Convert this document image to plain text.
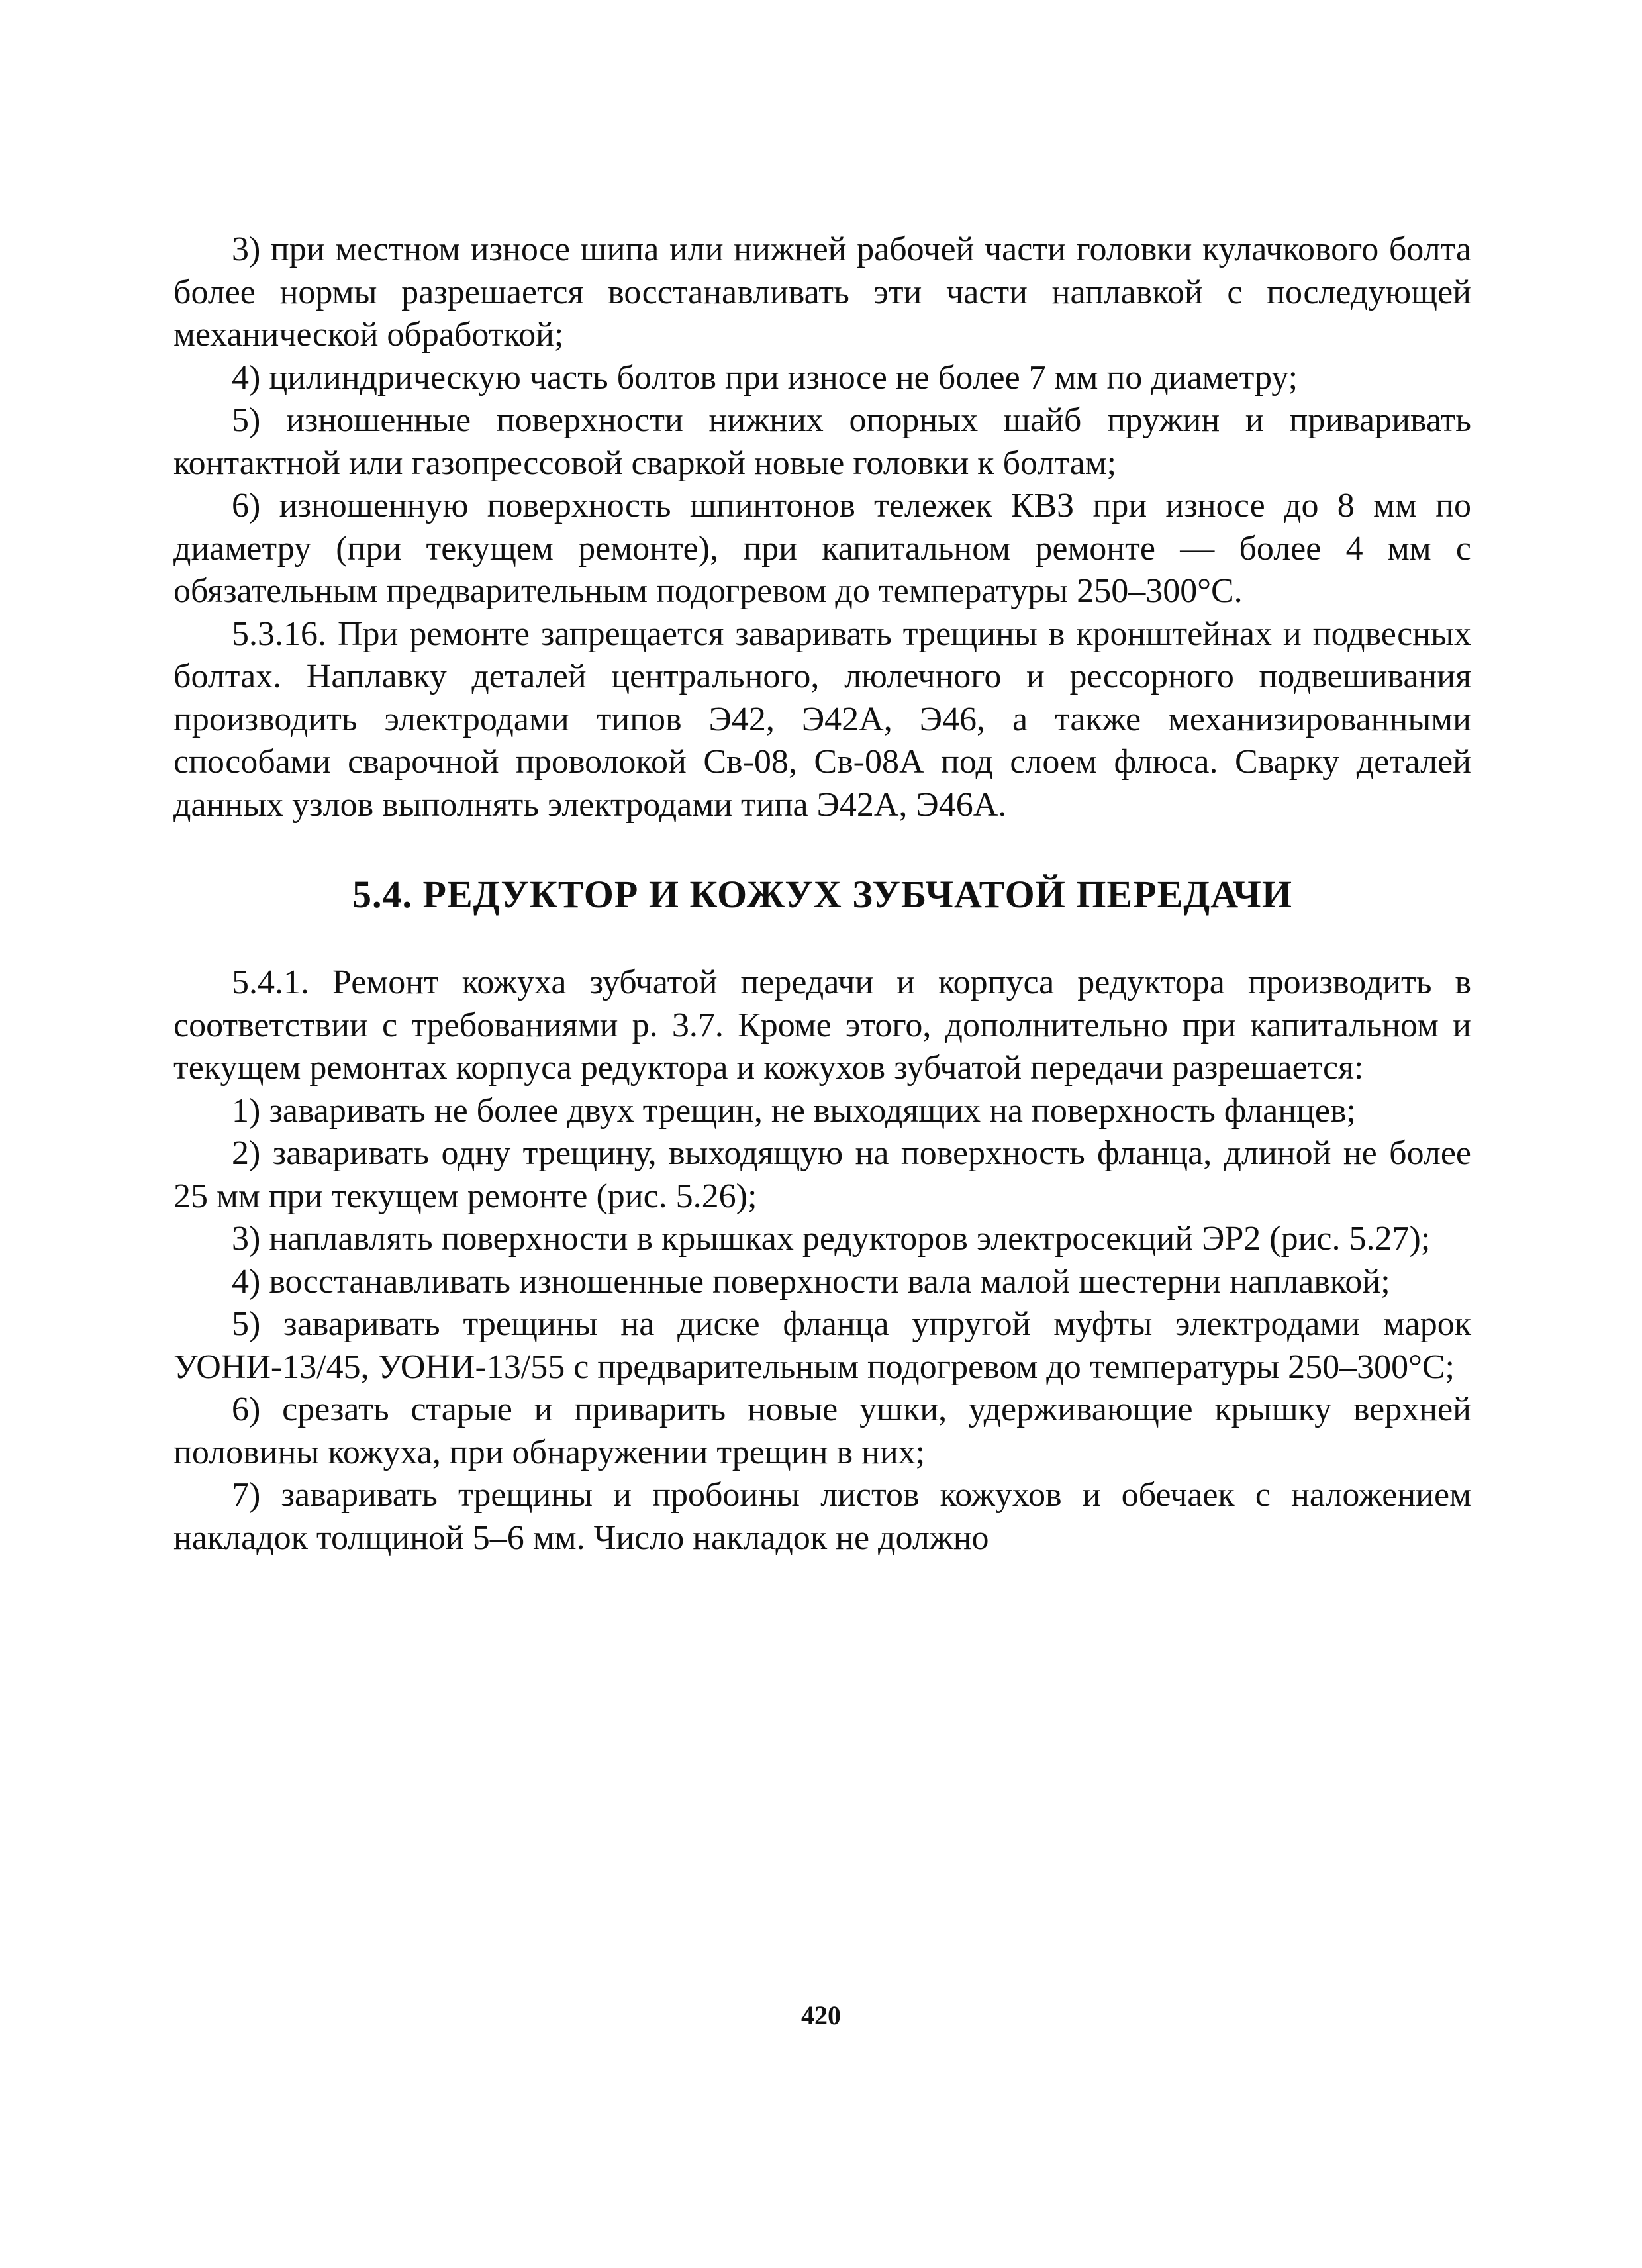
3) при местном износе шипа или нижней рабочей части головки кулачкового болта более нормы разрешается восстанавливать эти части наплавкой с последующей механической обработкой;

4) цилиндрическую часть болтов при износе не более 7 мм по диаметру;

5) изношенные поверхности нижних опорных шайб пружин и приваривать контактной или газопрессовой сваркой новые головки к болтам;

6) изношенную поверхность шпинтонов тележек КВЗ при износе до 8 мм по диаметру (при текущем ремонте), при капитальном ремонте — более 4 мм с обязательным предварительным подогревом до температуры 250–300°С.

5.3.16. При ремонте запрещается заваривать трещины в кронштейнах и подвесных болтах. Наплавку деталей центрального, люлечного и рессорного подвешивания производить электродами типов Э42, Э42А, Э46, а также механизированными способами сварочной проволокой Св-08, Св-08А под слоем флюса. Сварку деталей данных узлов выполнять электродами типа Э42А, Э46А.

5.4. РЕДУКТОР И КОЖУХ ЗУБЧАТОЙ ПЕРЕДАЧИ

5.4.1. Ремонт кожуха зубчатой передачи и корпуса редуктора производить в соответствии с требованиями р. 3.7. Кроме этого, дополнительно при капитальном и текущем ремонтах корпуса редуктора и кожухов зубчатой передачи разрешается:

1) заваривать не более двух трещин, не выходящих на поверхность фланцев;

2) заваривать одну трещину, выходящую на поверхность фланца, длиной не более 25 мм при текущем ремонте (рис. 5.26);

3) наплавлять поверхности в крышках редукторов электросекций ЭР2 (рис. 5.27);

4) восстанавливать изношенные поверхности вала малой шестерни наплавкой;

5) заваривать трещины на диске фланца упругой муфты электродами марок УОНИ-13/45, УОНИ-13/55 с предварительным подогревом до температуры 250–300°С;

6) срезать старые и приварить новые ушки, удерживающие крышку верхней половины кожуха, при обнаружении трещин в них;

7) заваривать трещины и пробоины листов кожухов и обечаек с наложением накладок толщиной 5–6 мм. Число накладок не должно

420
